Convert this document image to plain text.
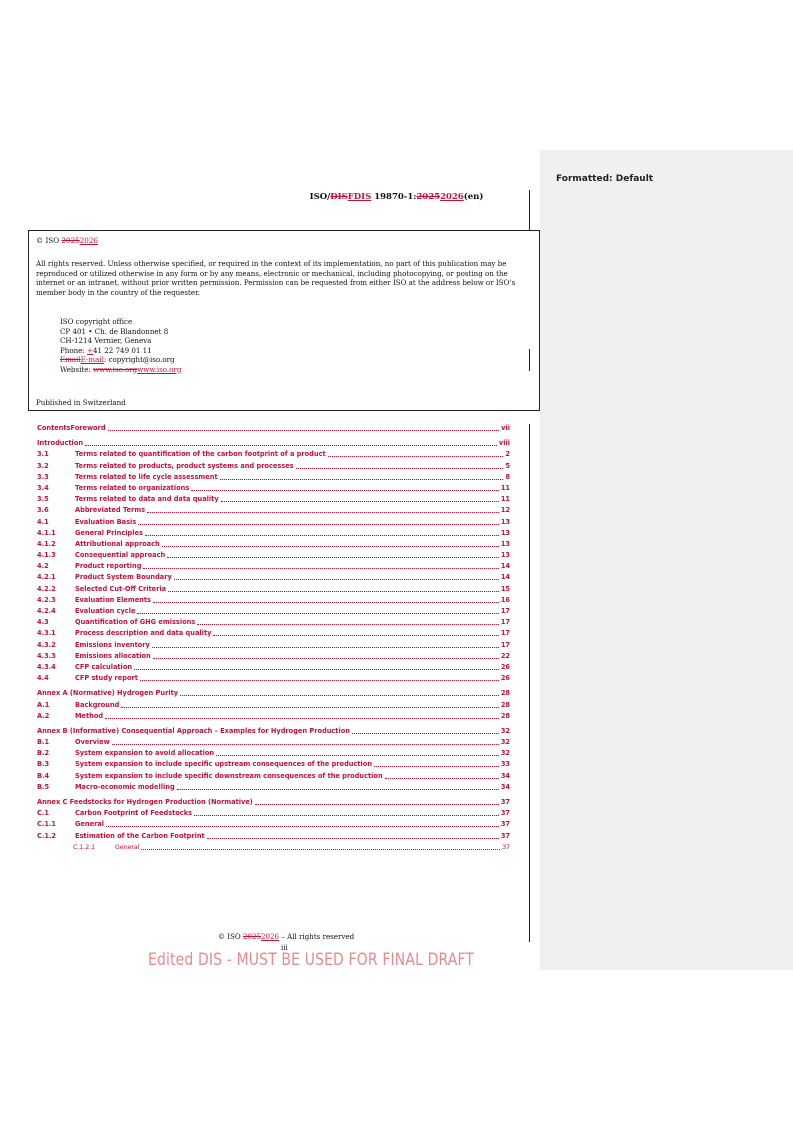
Formatted: Default
ISO/DISFDIS 19870-1:20252026(en)
© ISO 20252026
All rights reserved. Unless otherwise specified, or required in the context of its implementation, no part of this publication may be reproduced or utilized otherwise in any form or by any means, electronic or mechanical, including photocopying, or posting on the internet or an intranet, without prior written permission. Permission can be requested from either ISO at the address below or ISO’s member body in the country of the requester.
ISO copyright office
CP 401 • Ch. de Blandonnet 8
CH-1214 Vernier, Geneva
Phone: +41 22 749 01 11
EmailE-mail: copyright@iso.org
Website: www.iso.orgwww.iso.org
Published in Switzerland
ContentsForeword	vii
Introduction	viii
3.1	Terms related to quantification of the carbon footprint of a product	2
3.2	Terms related to products, product systems and processes	5
3.3	Terms related to life cycle assessment	8
3.4	Terms related to organizations	11
3.5	Terms related to data and data quality	11
3.6	Abbreviated Terms	12
4.1	Evaluation Basis	13
4.1.1	General Principles	13
4.1.2	Attributional approach	13
4.1.3	Consequential approach	13
4.2	Product reporting	14
4.2.1	Product System Boundary	14
4.2.2	Selected Cut-Off Criteria	15
4.2.3	Evaluation Elements	16
4.2.4	Evaluation cycle	17
4.3	Quantification of GHG emissions	17
4.3.1	Process description and data quality	17
4.3.2	Emissions inventory	17
4.3.3	Emissions allocation	22
4.3.4	CFP calculation	26
4.4	CFP study report	26
Annex A (Normative) Hydrogen Purity	28
A.1	Background	28
A.2	Method	28
Annex B (Informative) Consequential Approach – Examples for Hydrogen Production	32
B.1	Overview	32
B.2	System expansion to avoid allocation	32
B.3	System expansion to include specific upstream consequences of the production	33
B.4	System expansion to include specific downstream consequences of the production	34
B.5	Macro-economic modelling	34
Annex C Feedstocks for Hydrogen Production (Normative)	37
C.1	Carbon Footprint of Feedstocks	37
C.1.1	General	37
C.1.2	Estimation of the Carbon Footprint	37
C.1.2.1	General	37
© ISO 20252026 – All rights reserved
iii
Edited DIS - MUST BE USED FOR FINAL DRAFT
